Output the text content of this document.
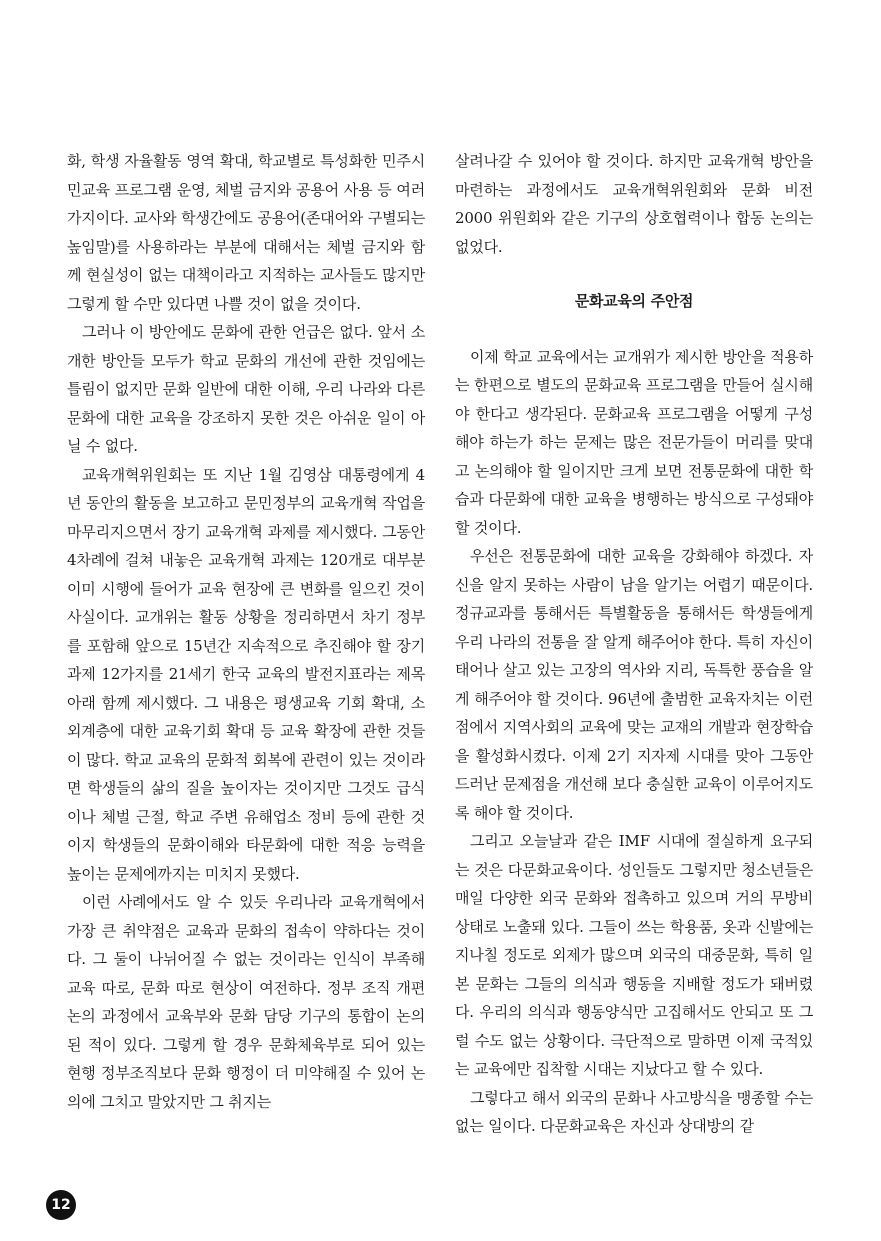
화, 학생 자율활동 영역 확대, 학교별로 특성화한 민주시민교육 프로그램 운영, 체벌 금지와 공용어 사용 등 여러 가지이다. 교사와 학생간에도 공용어(존대어와 구별되는 높임말)를 사용하라는 부분에 대해서는 체벌 금지와 함께 현실성이 없는 대책이라고 지적하는 교사들도 많지만 그렇게 할 수만 있다면 나쁠 것이 없을 것이다.

그러나 이 방안에도 문화에 관한 언급은 없다. 앞서 소개한 방안들 모두가 학교 문화의 개선에 관한 것임에는 틀림이 없지만 문화 일반에 대한 이해, 우리 나라와 다른 문화에 대한 교육을 강조하지 못한 것은 아쉬운 일이 아닐 수 없다.

교육개혁위원회는 또 지난 1월 김영삼 대통령에게 4년 동안의 활동을 보고하고 문민정부의 교육개혁 작업을 마무리지으면서 장기 교육개혁 과제를 제시했다. 그동안 4차례에 걸쳐 내놓은 교육개혁 과제는 120개로 대부분 이미 시행에 들어가 교육 현장에 큰 변화를 일으킨 것이 사실이다. 교개위는 활동 상황을 정리하면서 차기 정부를 포함해 앞으로 15년간 지속적으로 추진해야 할 장기 과제 12가지를 21세기 한국 교육의 발전지표라는 제목 아래 함께 제시했다. 그 내용은 평생교육 기회 확대, 소외계층에 대한 교육기회 확대 등 교육 확장에 관한 것들이 많다. 학교 교육의 문화적 회복에 관련이 있는 것이라면 학생들의 삶의 질을 높이자는 것이지만 그것도 급식이나 체벌 근절, 학교 주변 유해업소 정비 등에 관한 것이지 학생들의 문화이해와 타문화에 대한 적응 능력을 높이는 문제에까지는 미치지 못했다.

이런 사례에서도 알 수 있듯 우리나라 교육개혁에서 가장 큰 취약점은 교육과 문화의 접속이 약하다는 것이다. 그 둘이 나뉘어질 수 없는 것이라는 인식이 부족해 교육 따로, 문화 따로 현상이 여전하다. 정부 조직 개편 논의 과정에서 교육부와 문화 담당 기구의 통합이 논의된 적이 있다. 그렇게 할 경우 문화체육부로 되어 있는 현행 정부조직보다 문화 행정이 더 미약해질 수 있어 논의에 그치고 말았지만 그 취지는

살려나갈 수 있어야 할 것이다. 하지만 교육개혁 방안을 마련하는 과정에서도 교육개혁위원회와 문화 비전 2000 위원회와 같은 기구의 상호협력이나 합동 논의는 없었다.

문화교육의 주안점

이제 학교 교육에서는 교개위가 제시한 방안을 적용하는 한편으로 별도의 문화교육 프로그램을 만들어 실시해야 한다고 생각된다. 문화교육 프로그램을 어떻게 구성해야 하는가 하는 문제는 많은 전문가들이 머리를 맞대고 논의해야 할 일이지만 크게 보면 전통문화에 대한 학습과 다문화에 대한 교육을 병행하는 방식으로 구성돼야 할 것이다.

우선은 전통문화에 대한 교육을 강화해야 하겠다. 자신을 알지 못하는 사람이 남을 알기는 어렵기 때문이다. 정규교과를 통해서든 특별활동을 통해서든 학생들에게 우리 나라의 전통을 잘 알게 해주어야 한다. 특히 자신이 태어나 살고 있는 고장의 역사와 지리, 독특한 풍습을 알게 해주어야 할 것이다. 96년에 출범한 교육자치는 이런 점에서 지역사회의 교육에 맞는 교재의 개발과 현장학습을 활성화시켰다. 이제 2기 지자제 시대를 맞아 그동안 드러난 문제점을 개선해 보다 충실한 교육이 이루어지도록 해야 할 것이다.

그리고 오늘날과 같은 IMF 시대에 절실하게 요구되는 것은 다문화교육이다. 성인들도 그렇지만 청소년들은 매일 다양한 외국 문화와 접촉하고 있으며 거의 무방비 상태로 노출돼 있다. 그들이 쓰는 학용품, 옷과 신발에는 지나칠 정도로 외제가 많으며 외국의 대중문화, 특히 일본 문화는 그들의 의식과 행동을 지배할 정도가 돼버렸다. 우리의 의식과 행동양식만 고집해서도 안되고 또 그럴 수도 없는 상황이다. 극단적으로 말하면 이제 국적있는 교육에만 집착할 시대는 지났다고 할 수 있다.

그렇다고 해서 외국의 문화나 사고방식을 맹종할 수는 없는 일이다. 다문화교육은 자신과 상대방의 같

12
